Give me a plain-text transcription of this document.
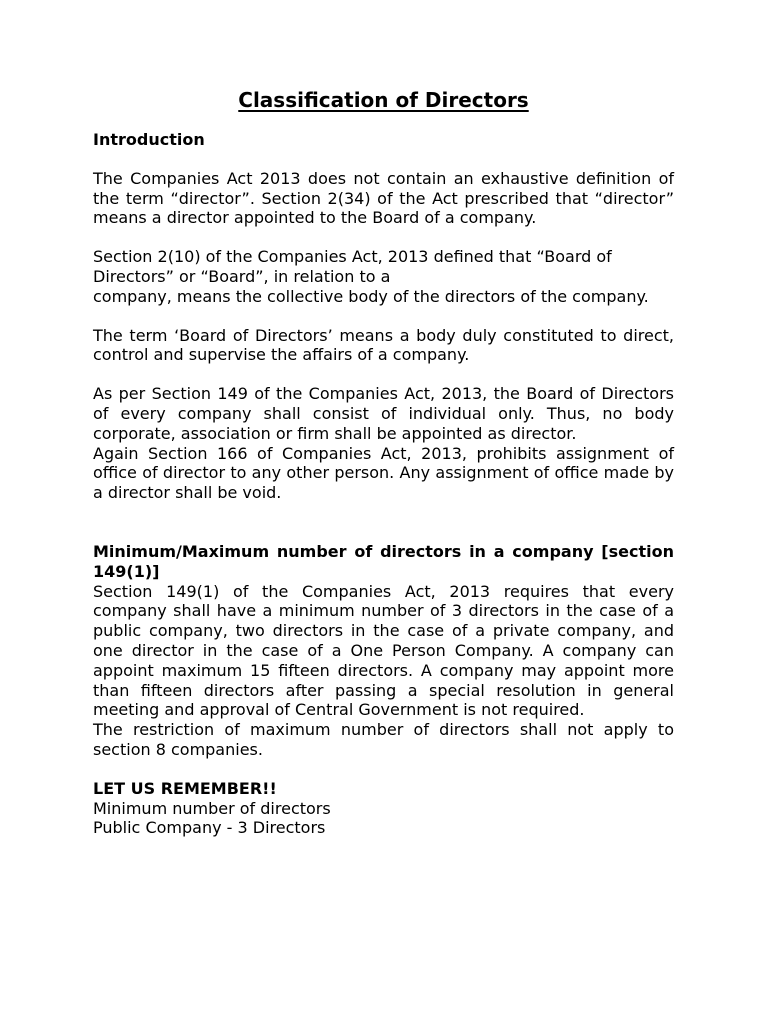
Classification of Directors
Introduction

The Companies Act 2013 does not contain an exhaustive definition of the term “director”. Section 2(34) of the Act prescribed that “director” means a director appointed to the Board of a company.

Section 2(10) of the Companies Act, 2013 defined that “Board of Directors” or “Board”, in relation to a

company, means the collective body of the directors of the company.

The term ‘Board of Directors’ means a body duly constituted to direct, control and supervise the affairs of a company.

As per Section 149 of the Companies Act, 2013, the Board of Directors of every company shall consist of individual only. Thus, no body corporate, association or firm shall be appointed as director.

Again Section 166 of Companies Act, 2013, prohibits assignment of office of director to any other person. Any assignment of office made by a director shall be void.

Minimum/Maximum number of directors in a company [section 149(1)]

Section 149(1) of the Companies Act, 2013 requires that every company shall have a minimum number of 3 directors in the case of a public company, two directors in the case of a private company, and one director in the case of a One Person Company. A company can appoint maximum 15 fifteen directors. A company may appoint more than fifteen directors after passing a special resolution in general meeting and approval of Central Government is not required.

The restriction of maximum number of directors shall not apply to section 8 companies.

LET US REMEMBER!!

Minimum number of directors

Public Company - 3 Directors
